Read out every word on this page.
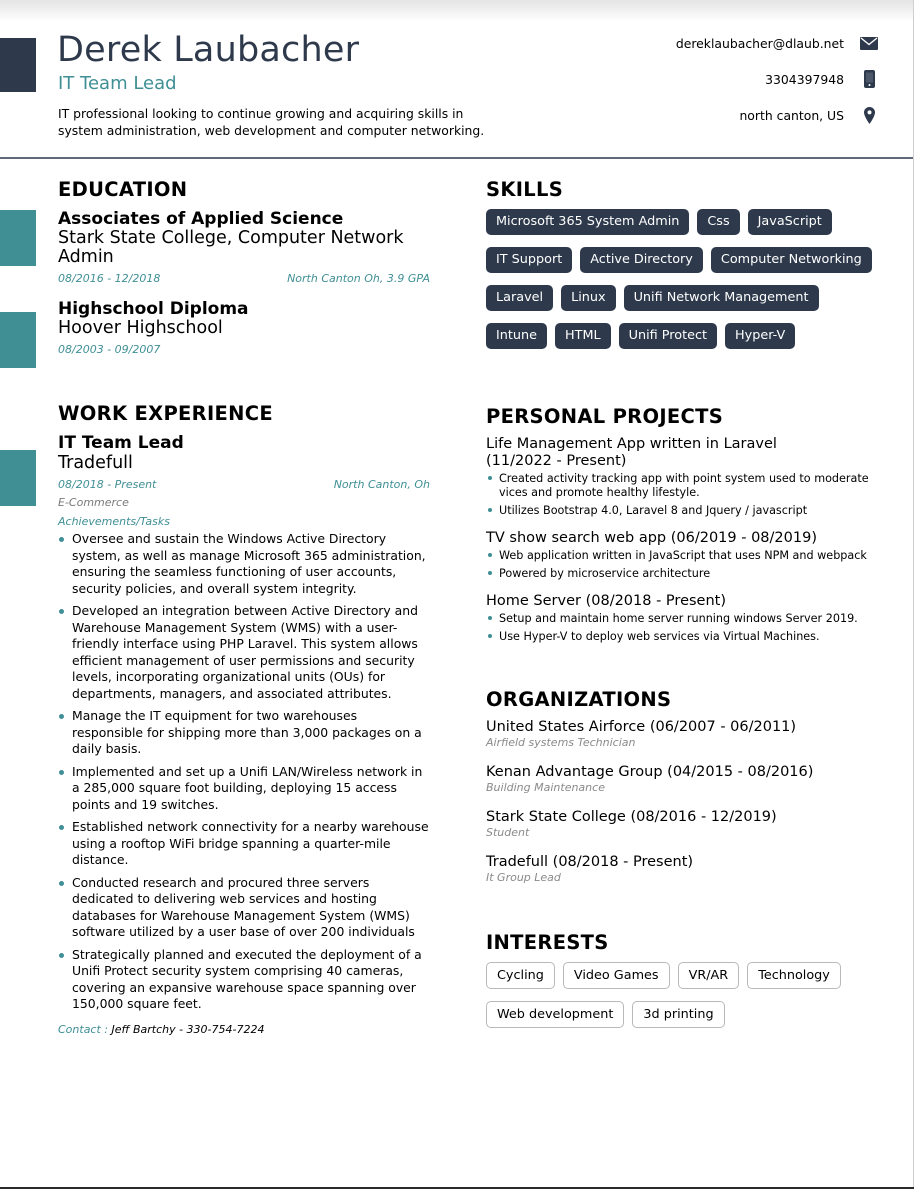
Derek Laubacher
IT Team Lead
IT professional looking to continue growing and acquiring skills in system administration, web development and computer networking.
dereklaubacher@dlaub.net
3304397948
north canton, US
EDUCATION
Associates of Applied Science
Stark State College, Computer Network Admin
08/2016 - 12/2018	North Canton Oh, 3.9 GPA
Highschool Diploma
Hoover Highschool
08/2003 - 09/2007
WORK EXPERIENCE
IT Team Lead
Tradefull
08/2018 - Present	North Canton, Oh
E-Commerce
Achievements/Tasks
Oversee and sustain the Windows Active Directory system, as well as manage Microsoft 365 administration, ensuring the seamless functioning of user accounts, security policies, and overall system integrity.
Developed an integration between Active Directory and Warehouse Management System (WMS) with a user-friendly interface using PHP Laravel. This system allows efficient management of user permissions and security levels, incorporating organizational units (OUs) for departments, managers, and associated attributes.
Manage the IT equipment for two warehouses responsible for shipping more than 3,000 packages on a daily basis.
Implemented and set up a Unifi LAN/Wireless network in a 285,000 square foot building, deploying 15 access points and 19 switches.
Established network connectivity for a nearby warehouse using a rooftop WiFi bridge spanning a quarter-mile distance.
Conducted research and procured three servers dedicated to delivering web services and hosting databases for Warehouse Management System (WMS) software utilized by a user base of over 200 individuals
Strategically planned and executed the deployment of a Unifi Protect security system comprising 40 cameras, covering an expansive warehouse space spanning over 150,000 square feet.
Contact : Jeff Bartchy - 330-754-7224
SKILLS
Microsoft 365 System Admin	Css	JavaScript
IT Support	Active Directory	Computer Networking
Laravel	Linux	Unifi Network Management
Intune	HTML	Unifi Protect	Hyper-V
PERSONAL PROJECTS
Life Management App written in Laravel (11/2022 - Present)
Created activity tracking app with point system used to moderate vices and promote healthy lifestyle.
Utilizes Bootstrap 4.0, Laravel 8 and Jquery / javascript
TV show search web app (06/2019 - 08/2019)
Web application written in JavaScript that uses NPM and webpack
Powered by microservice architecture
Home Server (08/2018 - Present)
Setup and maintain home server running windows Server 2019.
Use Hyper-V to deploy web services via Virtual Machines.
ORGANIZATIONS
United States Airforce (06/2007 - 06/2011)
Airfield systems Technician
Kenan Advantage Group (04/2015 - 08/2016)
Building Maintenance
Stark State College (08/2016 - 12/2019)
Student
Tradefull (08/2018 - Present)
It Group Lead
INTERESTS
Cycling	Video Games	VR/AR	Technology
Web development	3d printing
